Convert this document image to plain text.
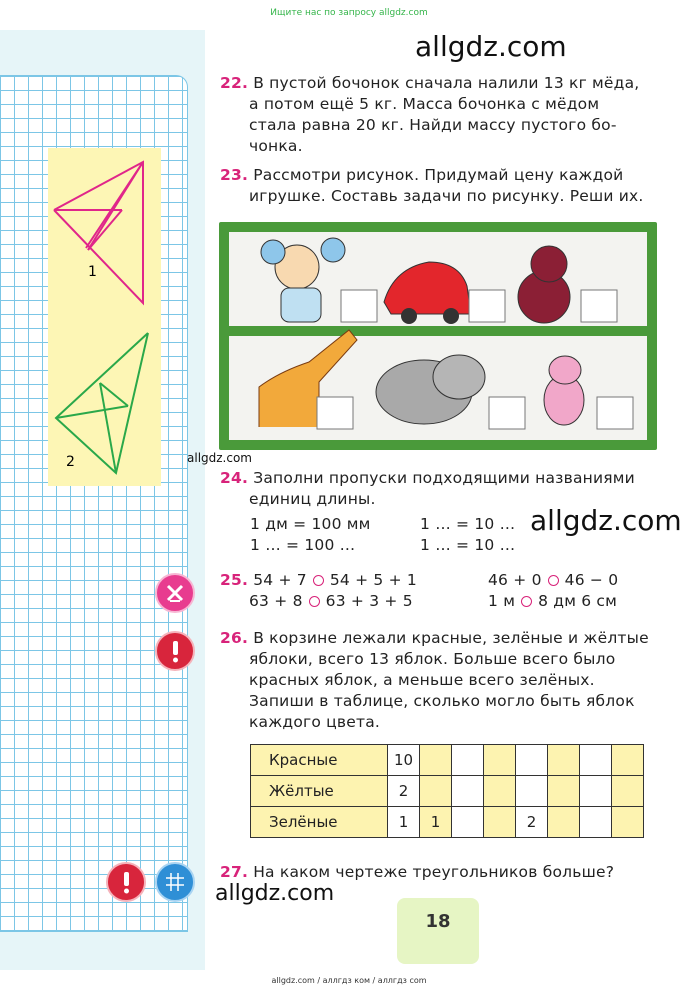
Ищите нас по запросу allgdz.com
1
2
allgdz.com
allgdz.com
allgdz.com
allgdz.com
22. В пустой бочонок сначала налили 13 кг мёда,
а потом ещё 5 кг. Масса бочонка с мёдом
стала равна 20 кг. Найди массу пустого бо-
чонка.
23. Рассмотри рисунок. Придумай цену каждой
игрушке. Составь задачи по рисунку. Реши их.
24. Заполни пропуски подходящими названиями
единиц длины.
1 дм = 100 мм	1 … = 10 …
1 … = 100 …	1 … = 10 …
25. 54 + 7 54 + 5 + 1	46 + 0 46 − 0

63 + 8 63 + 3 + 5	1 м 8 дм 6 см
26. В корзине лежали красные, зелёные и жёлтые
яблоки, всего 13 яблок. Больше всего было
красных яблок, а меньше всего зелёных.
Запиши в таблице, сколько могло быть яблок
каждого цвета.
Красные	10							
Жёлтые	2							
Зелёные	1	1			2			
27. На каком чертеже треугольников больше?
18
allgdz.com / аллгдз ком / аллгдз com
